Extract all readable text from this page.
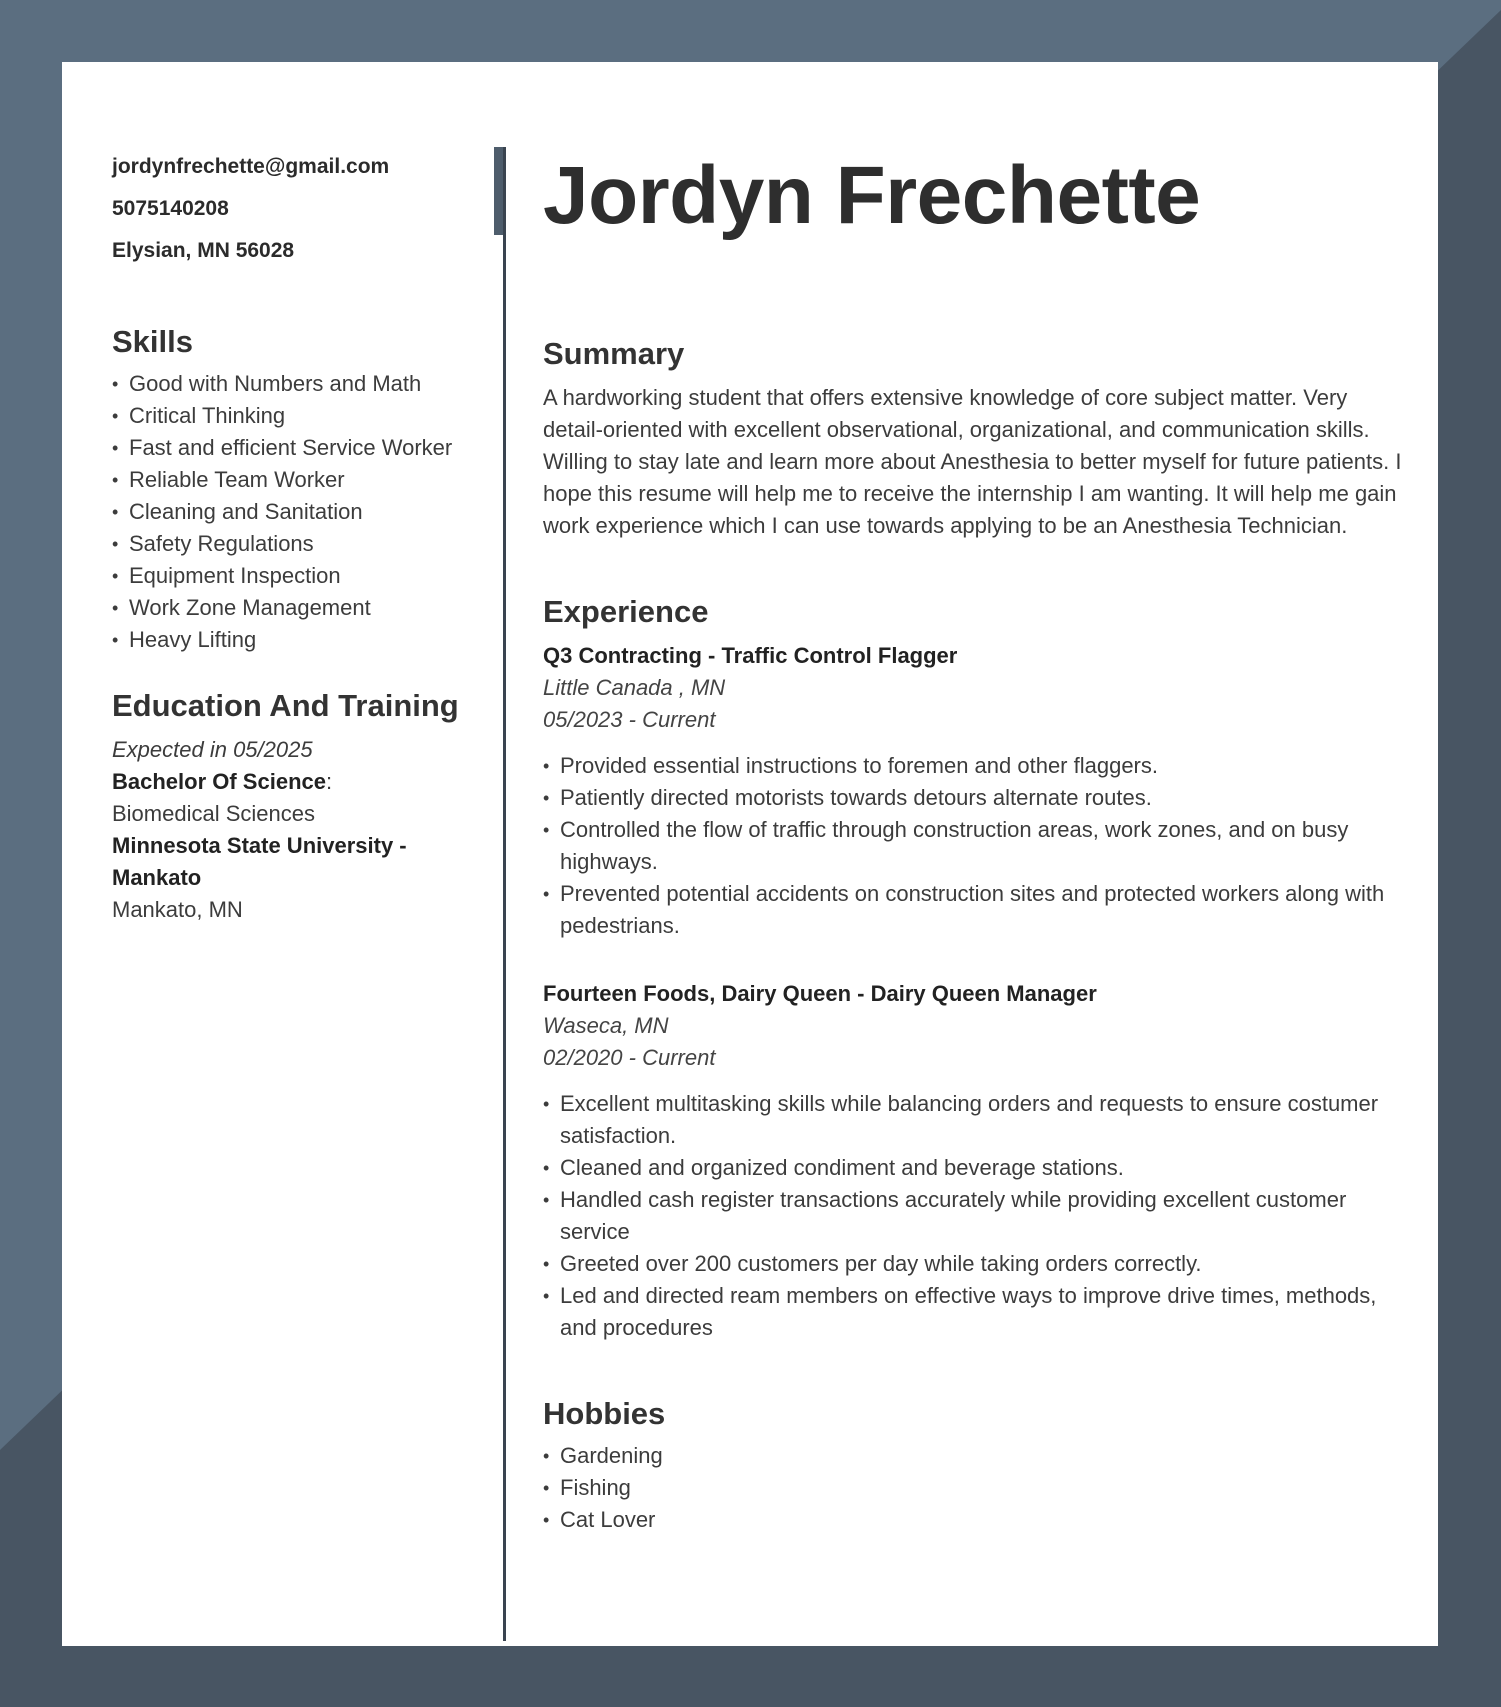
jordynfrechette@gmail.com
5075140208
Elysian, MN 56028
Skills
• Good with Numbers and Math
• Critical Thinking
• Fast and efficient Service Worker
• Reliable Team Worker
• Cleaning and Sanitation
• Safety Regulations
• Equipment Inspection
• Work Zone Management
• Heavy Lifting
Education And Training
Expected in 05/2025
Bachelor Of Science:
Biomedical Sciences
Minnesota State University - Mankato
Mankato, MN
Jordyn Frechette
Summary
A hardworking student that offers extensive knowledge of core subject matter. Very detail-oriented with excellent observational, organizational, and communication skills. Willing to stay late and learn more about Anesthesia to better myself for future patients. I hope this resume will help me to receive the internship I am wanting. It will help me gain work experience which I can use towards applying to be an Anesthesia Technician.
Experience
Q3 Contracting - Traffic Control Flagger
Little Canada , MN
05/2023 - Current
• Provided essential instructions to foremen and other flaggers.
• Patiently directed motorists towards detours alternate routes.
• Controlled the flow of traffic through construction areas, work zones, and on busy highways.
• Prevented potential accidents on construction sites and protected workers along with pedestrians.
Fourteen Foods, Dairy Queen - Dairy Queen Manager
Waseca, MN
02/2020 - Current
• Excellent multitasking skills while balancing orders and requests to ensure costumer satisfaction.
• Cleaned and organized condiment and beverage stations.
• Handled cash register transactions accurately while providing excellent customer service
• Greeted over 200 customers per day while taking orders correctly.
• Led and directed ream members on effective ways to improve drive times, methods, and procedures
Hobbies
• Gardening
• Fishing
• Cat Lover
